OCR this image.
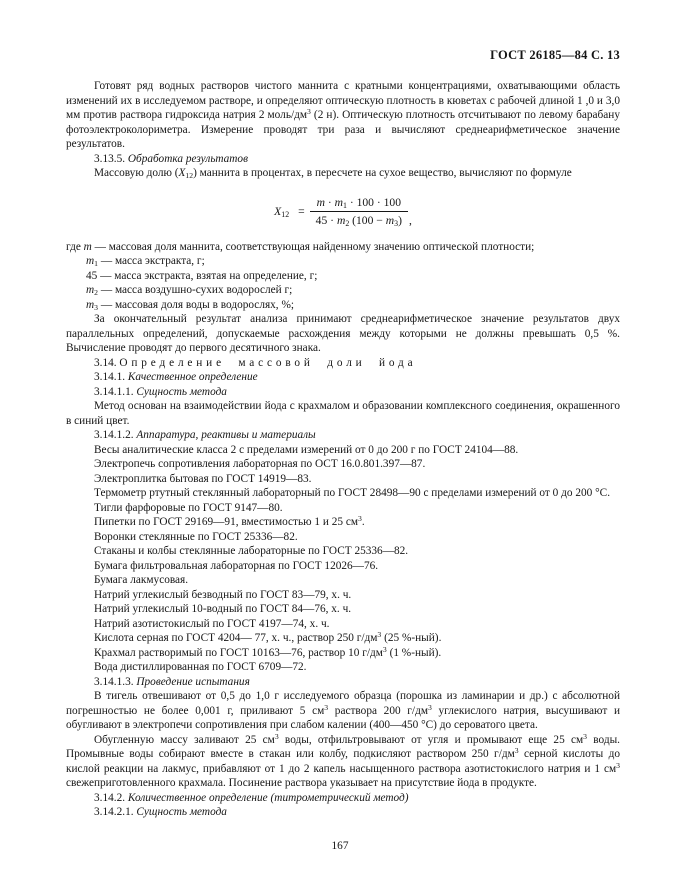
ГОСТ 26185—84 С. 13

Готовят ряд водных растворов чистого маннита с кратными концентрациями, охватывающими область изменений их в исследуемом растворе, и определяют оптическую плотность в кюветах с рабочей длиной 1 ,0 и 3,0 мм против раствора гидроксида натрия 2 моль/$дм^3$ (2 н). Оптическую плотность отсчитывают по левому барабану фотоэлектроколориметра. Измерение проводят три раза и вычисляют среднеарифметическое значение результатов.

3.13.5. Обработка результатов

Массовую долю $(X_{12})$ маннита в процентах, в пересчете на сухое вещество, вычисляют по формуле

$X_{12} = \frac{m \cdot m_1 \cdot 100 \cdot 100}{45 \cdot m_2 (100 - m_3)}$ ,

где m — массовая доля маннита, соответствующая найденному значению оптической плотности;

$m_1$ — масса экстракта, г;

45 — масса экстракта, взятая на определение, г;

$m_2$ — масса воздушно-сухих водорослей г;

$m_3$ — массовая доля воды в водорослях, %;

За окончательный результат анализа принимают среднеарифметическое значение результатов двух параллельных определений, допускаемые расхождения между которыми не должны превышать 0,5 %. Вычисление проводят до первого десятичного знака.

3.14. Определение массовой доли йода

3.14.1. Качественное определение

3.14.1.1. Сущность метода

Метод основан на взаимодействии йода с крахмалом и образовании комплексного соединения, окрашенного в синий цвет.

3.14.1.2. Аппаратура, реактивы и материалы

Весы аналитические класса 2 с пределами измерений от 0 до 200 г по ГОСТ 24104—88.

Электропечь сопротивления лабораторная по ОСТ 16.0.801.397—87.

Электроплитка бытовая по ГОСТ 14919—83.

Термометр ртутный стеклянный лабораторный по ГОСТ 28498—90 с пределами измерений от 0 до 200 °С.

Тигли фарфоровые по ГОСТ 9147—80.

Пипетки по ГОСТ 29169—91, вместимостью 1 и 25 $см^3$.

Воронки стеклянные по ГОСТ 25336—82.

Стаканы и колбы стеклянные лабораторные по ГОСТ 25336—82.

Бумага фильтровальная лабораторная по ГОСТ 12026—76.

Бумага лакмусовая.

Натрий углекислый безводный по ГОСТ 83—79, х. ч.

Натрий углекислый 10-водный по ГОСТ 84—76, х. ч.

Натрий азотистокислый по ГОСТ 4197—74, х. ч.

Кислота серная по ГОСТ 4204— 77, х. ч., раствор 250 $г/дм^3$ (25 %-ный).

Крахмал растворимый по ГОСТ 10163—76, раствор 10 $г/дм^3$ (1 %-ный).

Вода дистиллированная по ГОСТ 6709—72.

3.14.1.3. Проведение испытания

В тигель отвешивают от 0,5 до 1,0 г исследуемого образца (порошка из ламинарии и др.) с абсолютной погрешностью не более 0,001 г, приливают 5 $см^3$ раствора 200 $г/дм^3$ углекислого натрия, высушивают и обугливают в электропечи сопротивления при слабом калении (400—450 °С) до сероватого цвета.

Обугленную массу заливают 25 $см^3$ воды, отфильтровывают от угля и промывают еще 25 $см^3$ воды. Промывные воды собирают вместе в стакан или колбу, подкисляют раствором 250 $г/дм^3$ серной кислоты до кислой реакции на лакмус, прибавляют от 1 до 2 капель насыщенного раствора азотистокислого натрия и 1 $см^3$ свежеприготовленного крахмала. Посинение раствора указывает на присутствие йода в продукте.

3.14.2. Количественное определение (титрометрический метод)

3.14.2.1. Сущность метода

167
